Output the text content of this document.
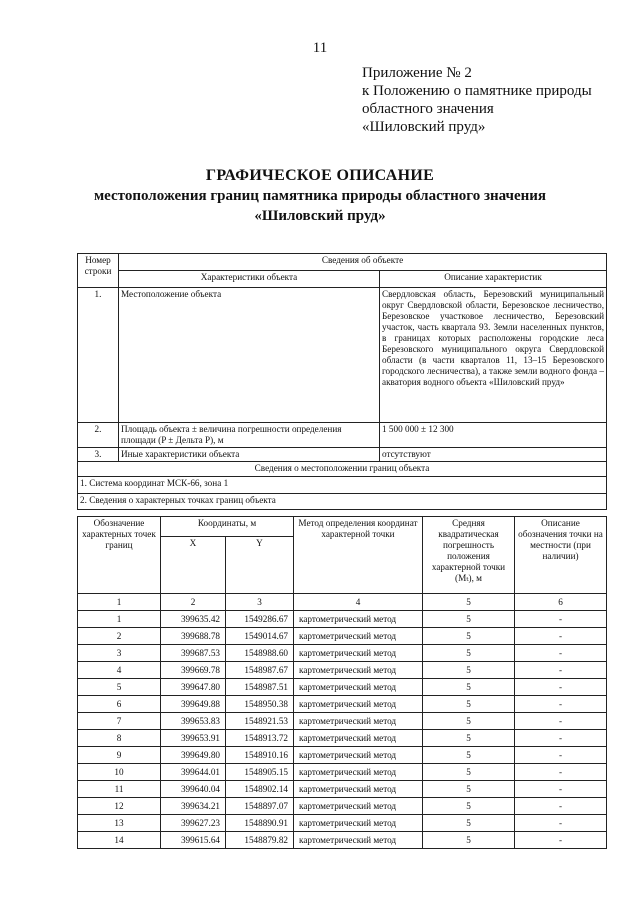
11
Приложение № 2
к Положению о памятнике природы
областного значения
«Шиловский пруд»
ГРАФИЧЕСКОЕ ОПИСАНИЕ
местоположения границ памятника природы областного значения
«Шиловский пруд»
Номер строки	Сведения об объекте	
	Характеристики объекта	Описание характеристик
1.	Местоположение объекта	Свердловская область, Березовский муниципальный округ Свердловской области, Березовское лесничество, Березовское участковое лесничество, Березовский участок, часть квартала 93. Земли населенных пунктов, в границах которых расположены городские леса Березовского муниципального округа Свердловской области (в части кварталов 11, 13–15 Березовского городского лесничества), а также земли водного фонда – акватория водного объекта «Шиловский пруд»
2.	Площадь объекта ± величина погрешности определения площади (P ± Дельта P), м	1 500 000 ± 12 300
3.	Иные характеристики объекта	отсутствуют
Сведения о местоположении границ объекта		
1. Система координат МСК-66, зона 1		
2. Сведения о характерных точках границ объекта		
Обозначение характерных точек границ	Координаты, м		Метод определения координат характерной точки	Средняя квадратическая погрешность положения характерной точки (Мₜ), м	Описание обозначения точки на местности (при наличии)
	X	Y			
1	2	3	4	5	6
1	399635.42	1549286.67	картометрический метод	5	-
2	399688.78	1549014.67	картометрический метод	5	-
3	399687.53	1548988.60	картометрический метод	5	-
4	399669.78	1548987.67	картометрический метод	5	-
5	399647.80	1548987.51	картометрический метод	5	-
6	399649.88	1548950.38	картометрический метод	5	-
7	399653.83	1548921.53	картометрический метод	5	-
8	399653.91	1548913.72	картометрический метод	5	-
9	399649.80	1548910.16	картометрический метод	5	-
10	399644.01	1548905.15	картометрический метод	5	-
11	399640.04	1548902.14	картометрический метод	5	-
12	399634.21	1548897.07	картометрический метод	5	-
13	399627.23	1548890.91	картометрический метод	5	-
14	399615.64	1548879.82	картометрический метод	5	-
